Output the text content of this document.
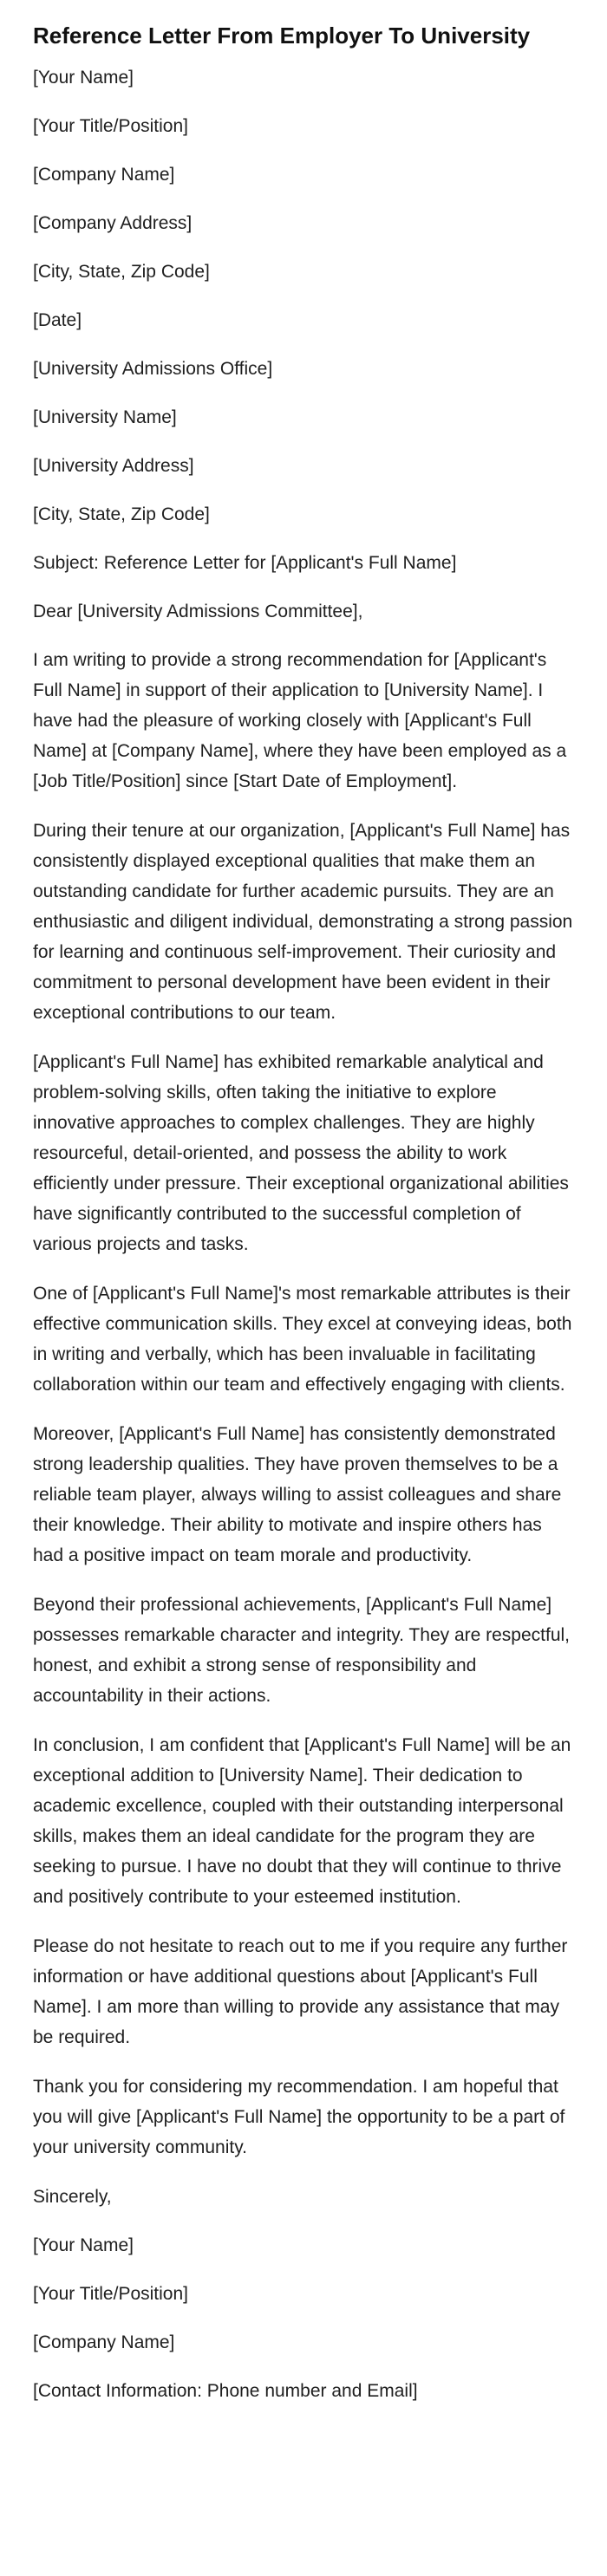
Reference Letter From Employer To University

[Your Name]

[Your Title/Position]

[Company Name]

[Company Address]

[City, State, Zip Code]

[Date]

[University Admissions Office]

[University Name]

[University Address]

[City, State, Zip Code]

Subject: Reference Letter for [Applicant's Full Name]

Dear [University Admissions Committee],

I am writing to provide a strong recommendation for [Applicant's Full Name] in support of their application to [University Name]. I have had the pleasure of working closely with [Applicant's Full Name] at [Company Name], where they have been employed as a [Job Title/Position] since [Start Date of Employment].

During their tenure at our organization, [Applicant's Full Name] has consistently displayed exceptional qualities that make them an outstanding candidate for further academic pursuits. They are an enthusiastic and diligent individual, demonstrating a strong passion for learning and continuous self-improvement. Their curiosity and commitment to personal development have been evident in their exceptional contributions to our team.

[Applicant's Full Name] has exhibited remarkable analytical and problem-solving skills, often taking the initiative to explore innovative approaches to complex challenges. They are highly resourceful, detail-oriented, and possess the ability to work efficiently under pressure. Their exceptional organizational abilities have significantly contributed to the successful completion of various projects and tasks.

One of [Applicant's Full Name]'s most remarkable attributes is their effective communication skills. They excel at conveying ideas, both in writing and verbally, which has been invaluable in facilitating collaboration within our team and effectively engaging with clients.

Moreover, [Applicant's Full Name] has consistently demonstrated strong leadership qualities. They have proven themselves to be a reliable team player, always willing to assist colleagues and share their knowledge. Their ability to motivate and inspire others has had a positive impact on team morale and productivity.

Beyond their professional achievements, [Applicant's Full Name] possesses remarkable character and integrity. They are respectful, honest, and exhibit a strong sense of responsibility and accountability in their actions.

In conclusion, I am confident that [Applicant's Full Name] will be an exceptional addition to [University Name]. Their dedication to academic excellence, coupled with their outstanding interpersonal skills, makes them an ideal candidate for the program they are seeking to pursue. I have no doubt that they will continue to thrive and positively contribute to your esteemed institution.

Please do not hesitate to reach out to me if you require any further information or have additional questions about [Applicant's Full Name]. I am more than willing to provide any assistance that may be required.

Thank you for considering my recommendation. I am hopeful that you will give [Applicant's Full Name] the opportunity to be a part of your university community.

Sincerely,

[Your Name]

[Your Title/Position]

[Company Name]

[Contact Information: Phone number and Email]
